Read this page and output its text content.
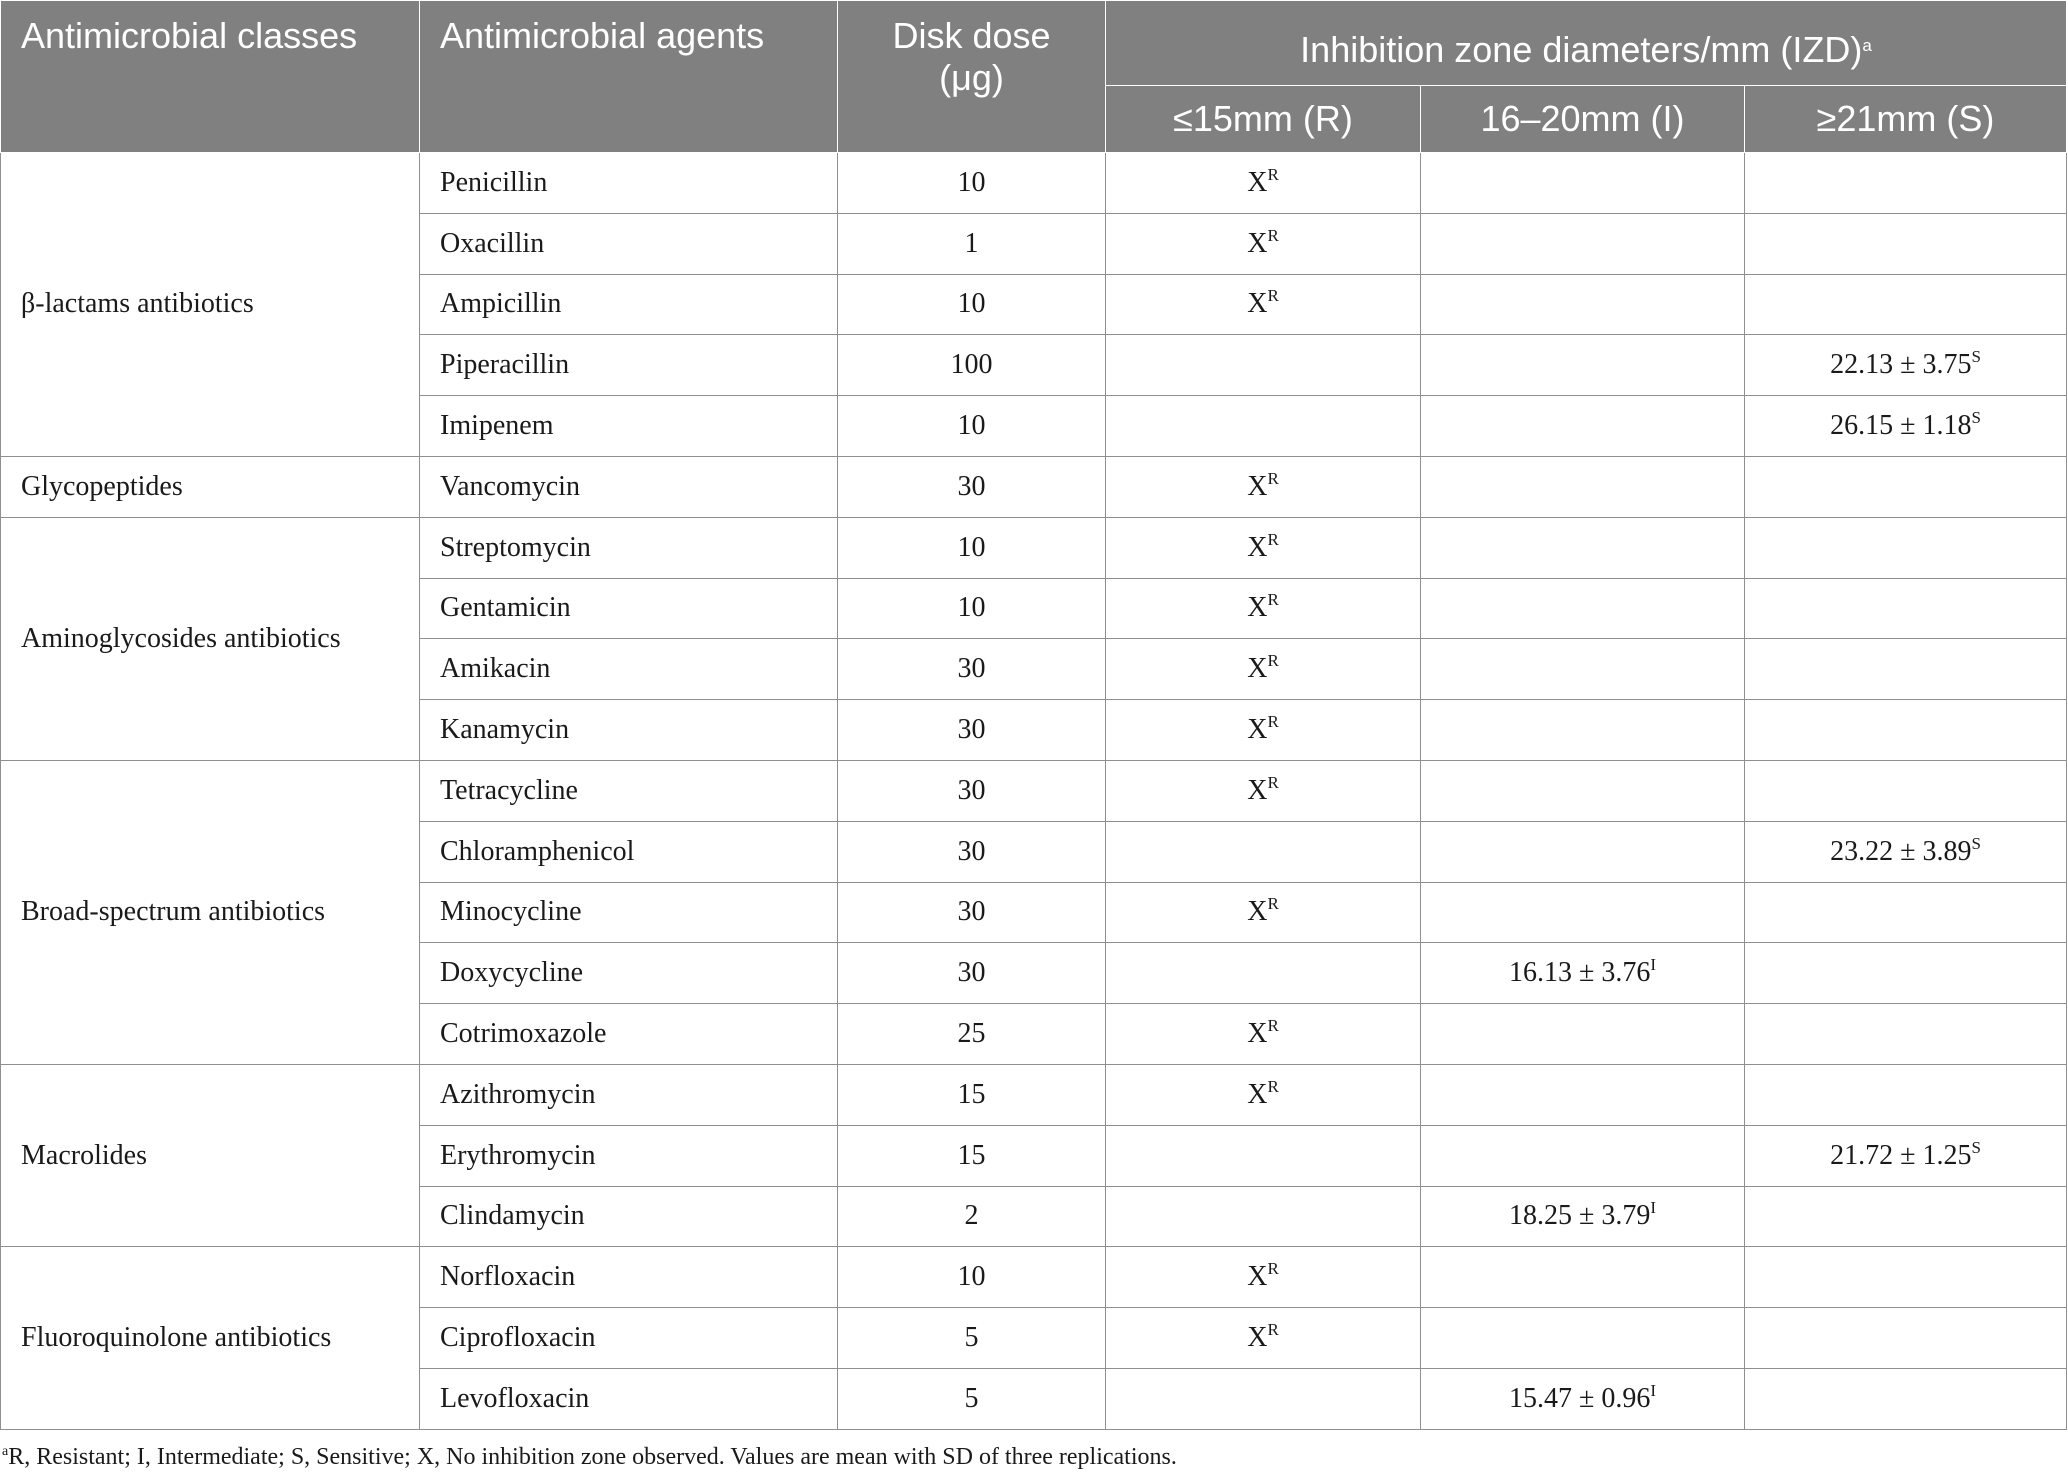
Antimicrobial classes	Antimicrobial agents	Disk dose (μg)	Inhibition zone diameters/mm (IZD)$^a$
			≤15mm (R)	16–20mm (I)	≥21mm (S)
β-lactams antibiotics	Penicillin	10	$X^R$		
	Oxacillin	1	$X^R$		
	Ampicillin	10	$X^R$		
	Piperacillin	100			$22.13 \pm 3.75^S$
	Imipenem	10			$26.15 \pm 1.18^S$
Glycopeptides	Vancomycin	30	$X^R$		
Aminoglycosides antibiotics	Streptomycin	10	$X^R$		
	Gentamicin	10	$X^R$		
	Amikacin	30	$X^R$		
	Kanamycin	30	$X^R$		
Broad-spectrum antibiotics	Tetracycline	30	$X^R$		
	Chloramphenicol	30			$23.22 \pm 3.89^S$
	Minocycline	30	$X^R$		
	Doxycycline	30		$16.13 \pm 3.76^I$	
	Cotrimoxazole	25	$X^R$		
Macrolides	Azithromycin	15	$X^R$		
	Erythromycin	15			$21.72 \pm 1.25^S$
	Clindamycin	2		$18.25 \pm 3.79^I$	
Fluoroquinolone antibiotics	Norfloxacin	10	$X^R$		
	Ciprofloxacin	5	$X^R$		
	Levofloxacin	5		$15.47 \pm 0.96^I$	
$^a$R, Resistant; I, Intermediate; S, Sensitive; X, No inhibition zone observed. Values are mean with SD of three replications.
